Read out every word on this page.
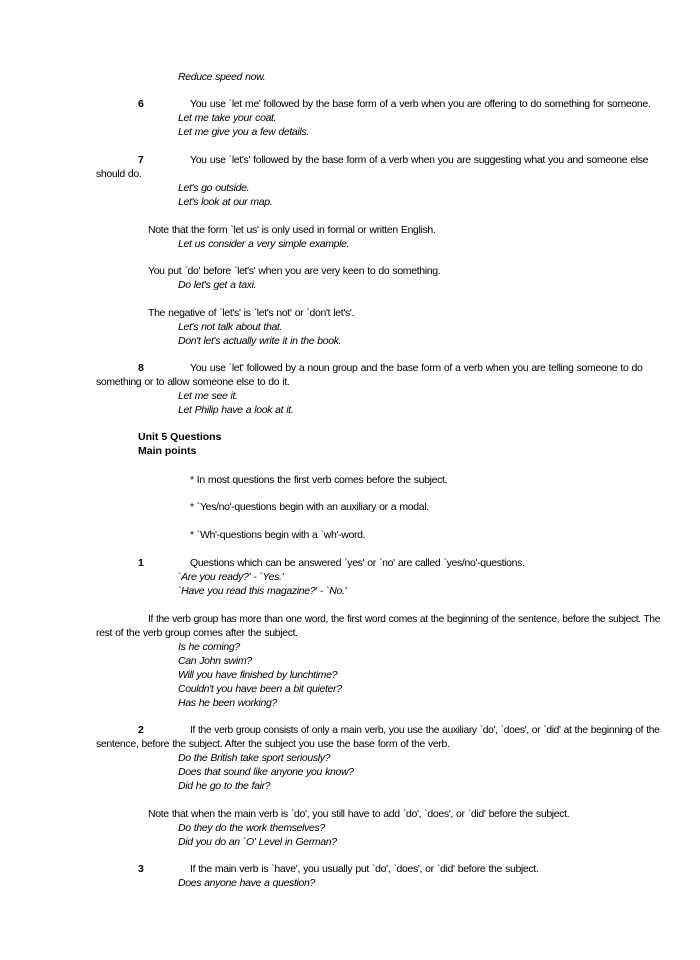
Reduce speed now.
6	You use `let me' followed by the base form of a verb when you are offering to do something for someone.
Let me take your coat.
Let me give you a few details.
7	You use `let's' followed by the base form of a verb when you are suggesting what you and someone else
should do.
Let's go outside.
Let's look at our map.
Note that the form `let us' is only used in formal or written English.
Let us consider a very simple example.
You put `do' before `let's' when you are very keen to do something.
Do let's get a taxi.
The negative of `let's' is `let's not' or `don't let's'.
Let's not talk about that.
Don't let's actually write it in the book.
8	You use `let' followed by a noun group and the base form of a verb when you are telling someone to do
something or to allow someone else to do it.
Let me see it.
Let Philip have a look at it.
Unit 5 Questions
Main points
* In most questions the first verb comes before the subject.
* `Yes/no'-questions begin with an auxiliary or a modal.
* `Wh'-questions begin with a `wh'-word.
1	Questions which can be answered `yes' or `no' are called `yes/no'-questions.
`Are you ready?' - `Yes.'
`Have you read this magazine?' - `No.'
If the verb group has more than one word, the first word comes at the beginning of the sentence, before the subject. The
rest of the verb group comes after the subject.
Is he coming?
Can John swim?
Will you have finished by lunchtime?
Couldn't you have been a bit quieter?
Has he been working?
2	If the verb group consists of only a main verb, you use the auxiliary `do', `does', or `did' at the beginning of the
sentence, before the subject. After the subject you use the base form of the verb.
Do the British take sport seriously?
Does that sound like anyone you know?
Did he go to the fair?
Note that when the main verb is `do', you still have to add `do', `does', or `did' before the subject.
Do they do the work themselves?
Did you do an `O' Level in German?
3	If the main verb is `have', you usually put `do', `does', or `did' before the subject.
Does anyone have a question?
